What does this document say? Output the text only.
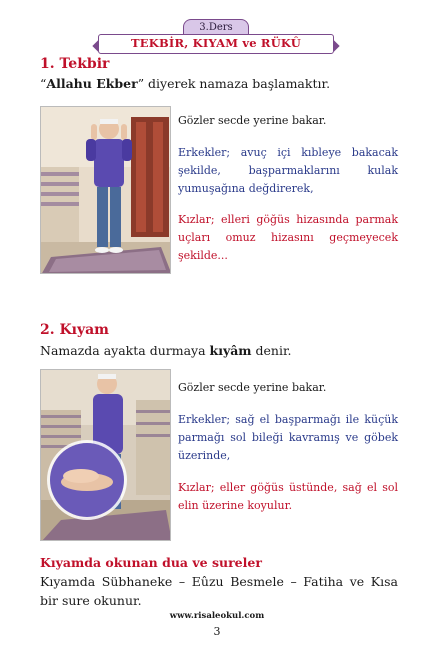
3.Ders
TEKBİR, KIYAM ve RÜKÛ
1. Tekbir
“Allahu Ekber” diyerek namaza başlamaktır.
Gözler secde yerine bakar.
Erkekler; avuç içi kıbleye bakacak şekilde, başparmaklarını kulak yumuşağına değdirerek,
Kızlar; elleri göğüs hizasında parmak uçları omuz hizasını geçmeyecek şekilde...
2. Kıyam
Namazda ayakta durmaya kıyâm denir.
Gözler secde yerine bakar.
Erkekler; sağ el başparmağı ile küçük parmağı sol bileği kavramış ve göbek üzerinde,
Kızlar; eller göğüs üstünde, sağ el sol elin üzerine koyulur.
Kıyamda okunan dua ve sureler
Kıyamda Sübhaneke – Eûzu Besmele – Fatiha ve Kısa bir sure okunur.
www.risaleokul.com
3
